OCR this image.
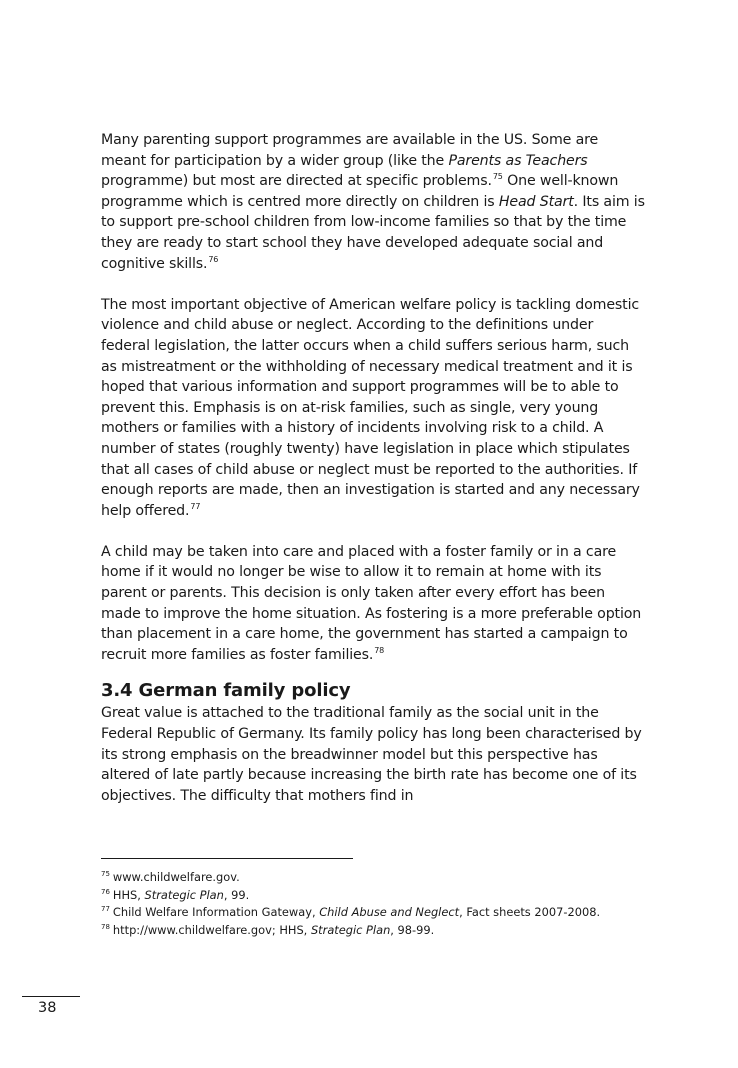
Many parenting support programmes are available in the US. Some are meant for participation by a wider group (like the Parents as Teachers programme) but most are directed at specific problems.$^{75}$ One well-known programme which is centred more directly on children is Head Start. Its aim is to support pre-school children from low-income families so that by the time they are ready to start school they have developed adequate social and cognitive skills.$^{76}$

The most important objective of American welfare policy is tackling domestic violence and child abuse or neglect. According to the definitions under federal legislation, the latter occurs when a child suffers serious harm, such as mistreatment or the withholding of necessary medical treatment and it is hoped that various information and support programmes will be to able to prevent this. Emphasis is on at-risk families, such as single, very young mothers or families with a history of incidents involving risk to a child. A number of states (roughly twenty) have legislation in place which stipulates that all cases of child abuse or neglect must be reported to the authorities. If enough reports are made, then an investigation is started and any necessary help offered.$^{77}$

A child may be taken into care and placed with a foster family or in a care home if it would no longer be wise to allow it to remain at home with its parent or parents. This decision is only taken after every effort has been made to improve the home situation. As fostering is a more preferable option than placement in a care home, the government has started a campaign to recruit more families as foster families.$^{78}$

3.4 German family policy

Great value is attached to the traditional family as the social unit in the Federal Republic of Germany. Its family policy has long been characterised by its strong emphasis on the breadwinner model but this perspective has altered of late partly because increasing the birth rate has become one of its objectives. The difficulty that mothers find in

$^{75}$ www.childwelfare.gov.

$^{76}$ HHS, Strategic Plan, 99.

$^{77}$ Child Welfare Information Gateway, Child Abuse and Neglect, Fact sheets 2007-2008.

$^{78}$ http://www.childwelfare.gov; HHS, Strategic Plan, 98-99.

38
